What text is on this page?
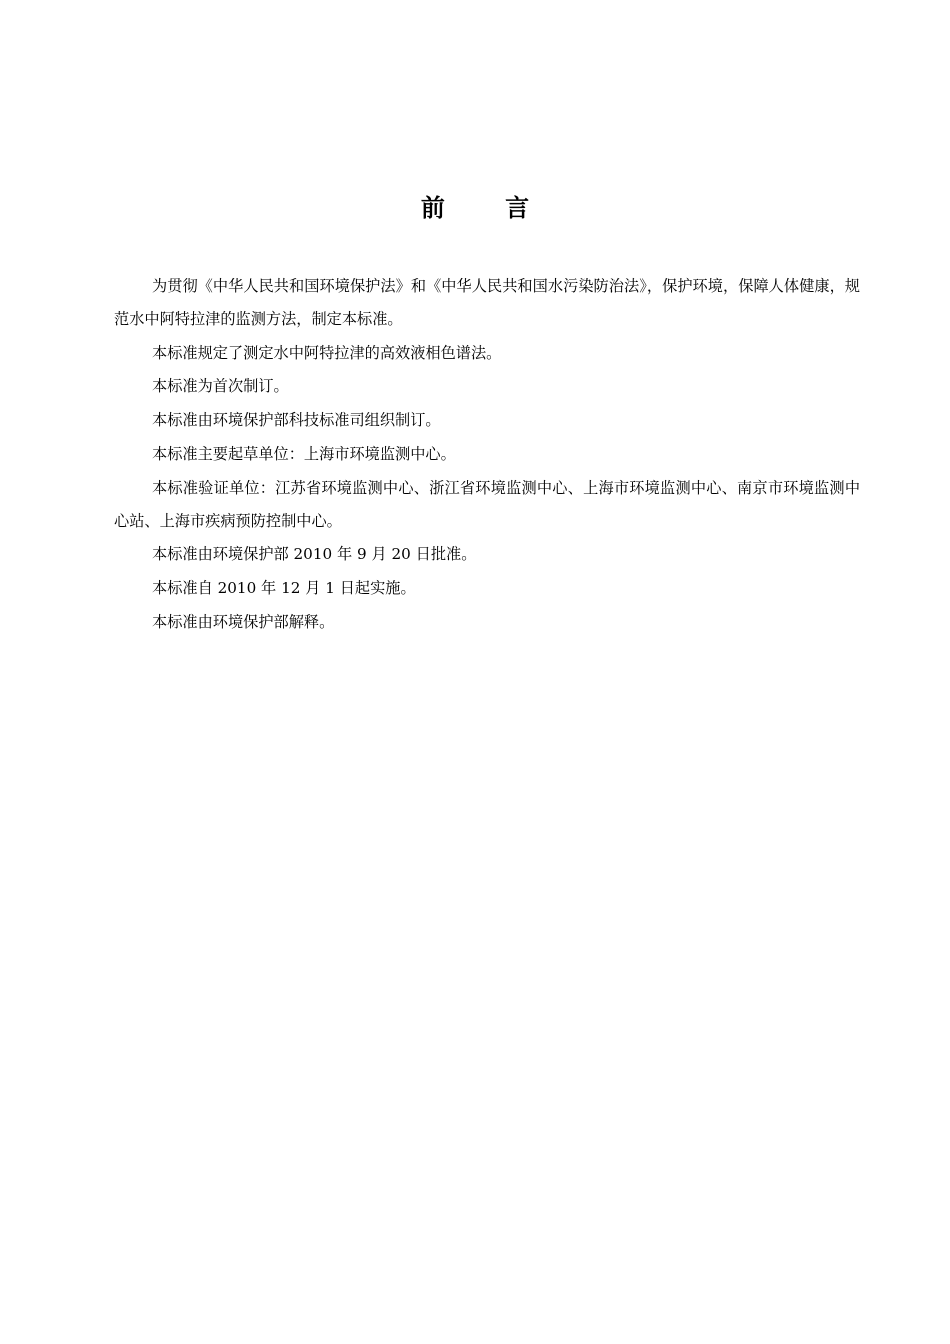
前 言

为贯彻《中华人民共和国环境保护法》和《中华人民共和国水污染防治法》，保护环境，保障人体健康，规范水中阿特拉津的监测方法，制定本标准。

本标准规定了测定水中阿特拉津的高效液相色谱法。

本标准为首次制订。

本标准由环境保护部科技标准司组织制订。

本标准主要起草单位：上海市环境监测中心。

本标准验证单位：江苏省环境监测中心、浙江省环境监测中心、上海市环境监测中心、南京市环境监测中心站、上海市疾病预防控制中心。

本标准由环境保护部 2010 年 9 月 20 日批准。

本标准自 2010 年 12 月 1 日起实施。

本标准由环境保护部解释。
